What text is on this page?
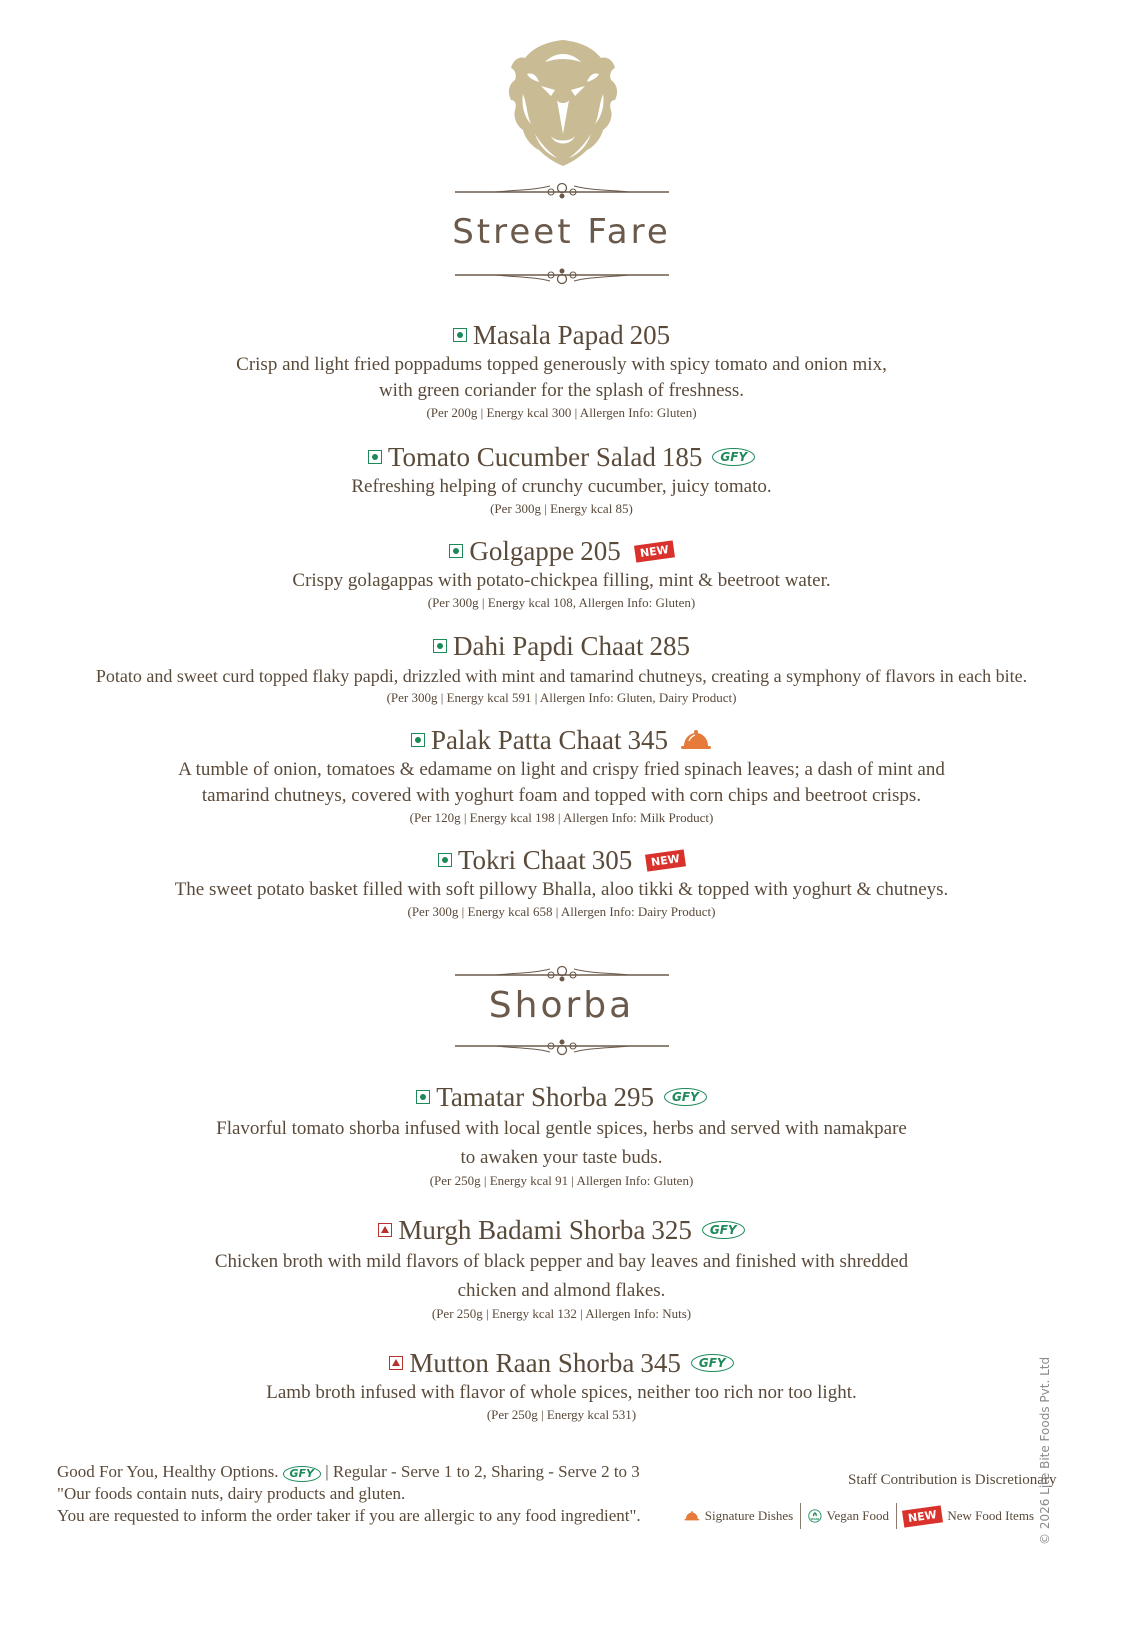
Street Fare
Masala Papad 205
Crisp and light fried poppadums topped generously with spicy tomato and onion mix,
with green coriander for the splash of freshness.
(Per 200g | Energy kcal 300 | Allergen Info: Gluten)
Tomato Cucumber Salad 185	GFY
Refreshing helping of crunchy cucumber, juicy tomato.
(Per 300g | Energy kcal 85)
Golgappe 205	NEW
Crispy golagappas with potato-chickpea filling, mint & beetroot water.
(Per 300g | Energy kcal 108, Allergen Info: Gluten)
Dahi Papdi Chaat 285
Potato and sweet curd topped flaky papdi, drizzled with mint and tamarind chutneys, creating a symphony of flavors in each bite.
(Per 300g | Energy kcal 591 | Allergen Info: Gluten, Dairy Product)
Palak Patta Chaat 345
A tumble of onion, tomatoes & edamame on light and crispy fried spinach leaves; a dash of mint and
tamarind chutneys, covered with yoghurt foam and topped with corn chips and beetroot crisps.
(Per 120g | Energy kcal 198 | Allergen Info: Milk Product)
Tokri Chaat 305	NEW
The sweet potato basket filled with soft pillowy Bhalla, aloo tikki & topped with yoghurt & chutneys.
(Per 300g | Energy kcal 658 | Allergen Info: Dairy Product)
Shorba
Tamatar Shorba 295	GFY
Flavorful tomato shorba infused with local gentle spices, herbs and served with namakpare
to awaken your taste buds.
(Per 250g | Energy kcal 91 | Allergen Info: Gluten)
Murgh Badami Shorba 325	GFY
Chicken broth with mild flavors of black pepper and bay leaves and finished with shredded
chicken and almond flakes.
(Per 250g | Energy kcal 132 | Allergen Info: Nuts)
Mutton Raan Shorba 345	GFY
Lamb broth infused with flavor of whole spices, neither too rich nor too light.
(Per 250g | Energy kcal 531)
Good For You, Healthy Options. GFY | Regular - Serve 1 to 2, Sharing - Serve 2 to 3
"Our foods contain nuts, dairy products and gluten.
You are requested to inform the order taker if you are allergic to any food ingredient".
Staff Contribution is Discretionary
Signature Dishes	VEGAN Vegan Food	NEW New Food Items © 2026 Lite Bite Foods Pvt. Ltd
